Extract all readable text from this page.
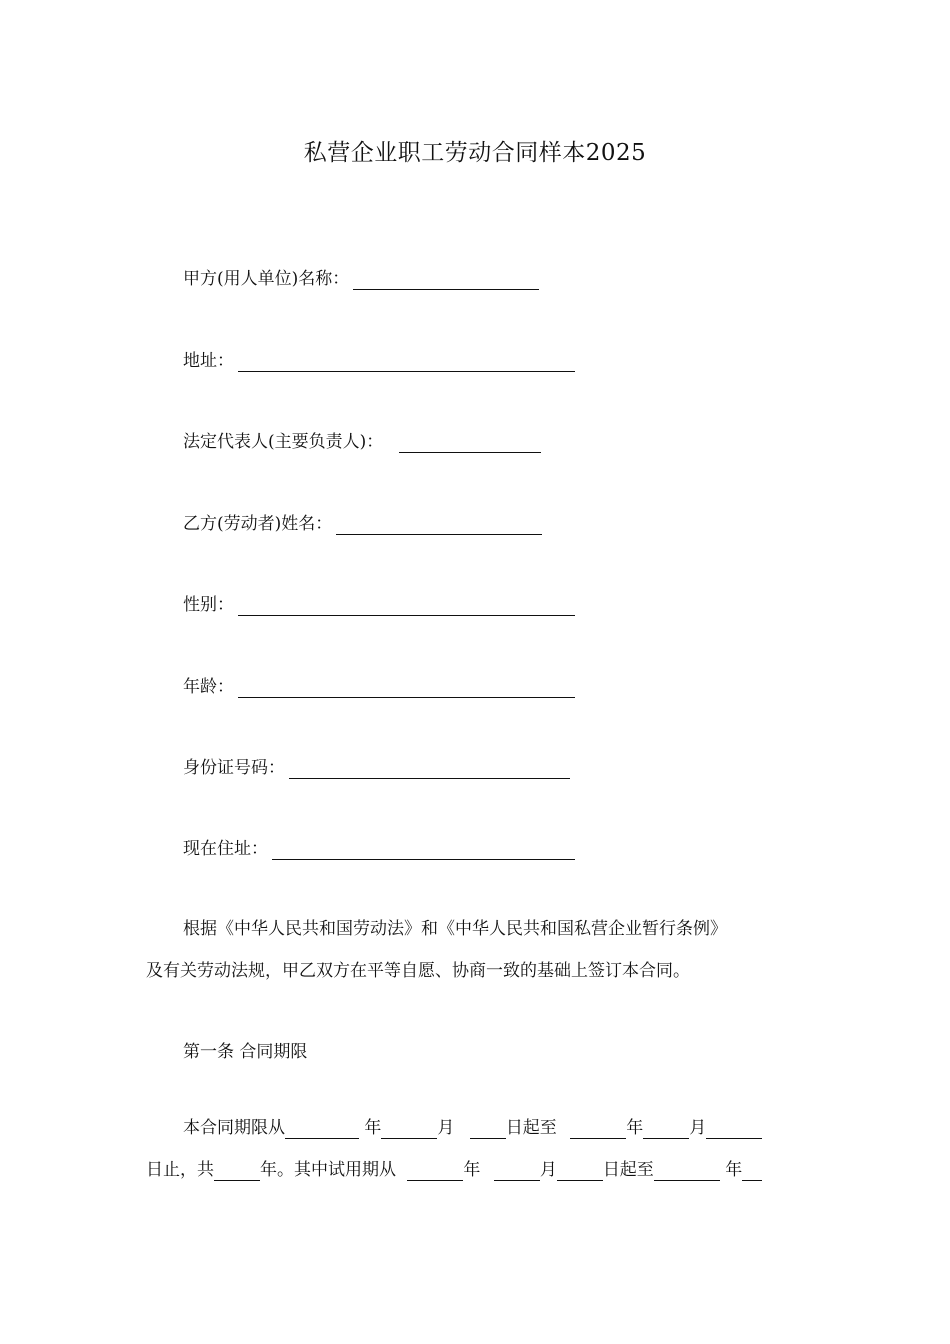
私营企业职工劳动合同样本2025
甲方(用人单位)名称：
地址：
法定代表人(主要负责人)：
乙方(劳动者)姓名：
性别：
年龄：
身份证号码：
现在住址：
根据《中华人民共和国劳动法》和《中华人民共和国私营企业暂行条例》
及有关劳动法规，甲乙双方在平等自愿、协商一致的基础上签订本合同。
第一条 合同期限
本合同期限从	年	月	日起至	年	月
日止，共	年。其中试用期从	年	月	日起至	年
